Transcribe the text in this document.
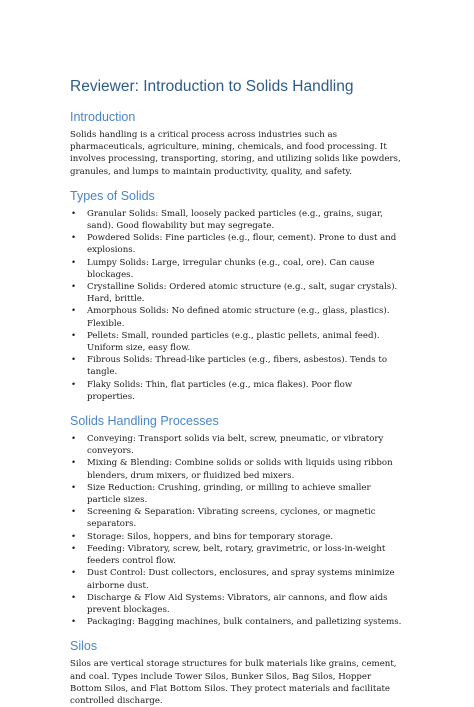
Reviewer: Introduction to Solids Handling
Introduction

Solids handling is a critical process across industries such as pharmaceuticals, agriculture, mining, chemicals, and food processing. It involves processing, transporting, storing, and utilizing solids like powders, granules, and lumps to maintain productivity, quality, and safety.

Types of Solids
• Granular Solids: Small, loosely packed particles (e.g., grains, sugar, sand). Good flowability but may segregate.
• Powdered Solids: Fine particles (e.g., flour, cement). Prone to dust and explosions.
• Lumpy Solids: Large, irregular chunks (e.g., coal, ore). Can cause blockages.
• Crystalline Solids: Ordered atomic structure (e.g., salt, sugar crystals). Hard, brittle.
• Amorphous Solids: No defined atomic structure (e.g., glass, plastics). Flexible.
• Pellets: Small, rounded particles (e.g., plastic pellets, animal feed). Uniform size, easy flow.
• Fibrous Solids: Thread-like particles (e.g., fibers, asbestos). Tends to tangle.
• Flaky Solids: Thin, flat particles (e.g., mica flakes). Poor flow properties.
Solids Handling Processes
• Conveying: Transport solids via belt, screw, pneumatic, or vibratory conveyors.
• Mixing & Blending: Combine solids or solids with liquids using ribbon blenders, drum mixers, or fluidized bed mixers.
• Size Reduction: Crushing, grinding, or milling to achieve smaller particle sizes.
• Screening & Separation: Vibrating screens, cyclones, or magnetic separators.
• Storage: Silos, hoppers, and bins for temporary storage.
• Feeding: Vibratory, screw, belt, rotary, gravimetric, or loss-in-weight feeders control flow.
• Dust Control: Dust collectors, enclosures, and spray systems minimize airborne dust.
• Discharge & Flow Aid Systems: Vibrators, air cannons, and flow aids prevent blockages.
• Packaging: Bagging machines, bulk containers, and palletizing systems.
Silos

Silos are vertical storage structures for bulk materials like grains, cement, and coal. Types include Tower Silos, Bunker Silos, Bag Silos, Hopper Bottom Silos, and Flat Bottom Silos. They protect materials and facilitate controlled discharge.
